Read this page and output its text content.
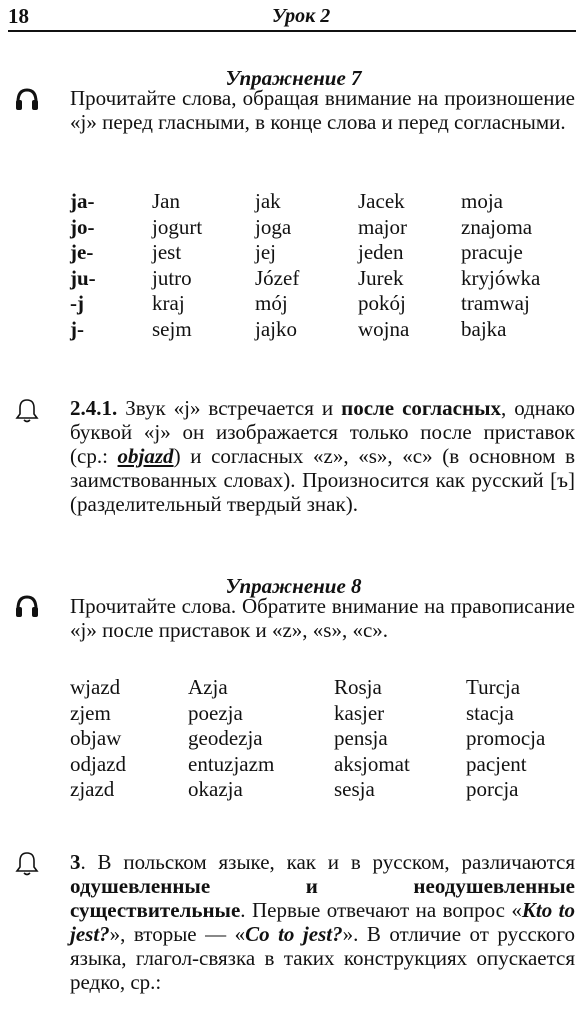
18	Урок 2
Упражнение 7

Прочитайте слова, обращая внимание на произношение «j» перед гласными, в конце слова и перед согласными.

ja-	Jan	jak	Jacek	moja
jo-	jogurt	joga	major	znajoma
je-	jest	jej	jeden	pracuje
ju-	jutro	Józef	Jurek	kryjówka
-j	kraj	mój	pokój	tramwaj
j-	sejm	jajko	wojna	bajka

2.4.1. Звук «j» встречается и после согласных, однако буквой «j» он изображается только после приставок (ср.: objazd) и согласных «z», «s», «c» (в основном в заимствованных словах). Произносится как русский [ъ] (разделительный твердый знак).

Упражнение 8

Прочитайте слова. Обратите внимание на правописание «j» после приставок и «z», «s», «c».

wjazd	Azja	Rosja	Turcja
zjem	poezja	kasjer	stacja
objaw	geodezja	pensja	promocja
odjazd	entuzjazm	aksjomat	pacjent
zjazd	okazja	sesja	porcja

3. В польском языке, как и в русском, различаются одушевленные и неодушевленные существительные. Первые отвечают на вопрос «Kto to jest?», вторые — «Co to jest?». В отличие от русского языка, глагол-связка в таких конструкциях опускается редко, ср.:
